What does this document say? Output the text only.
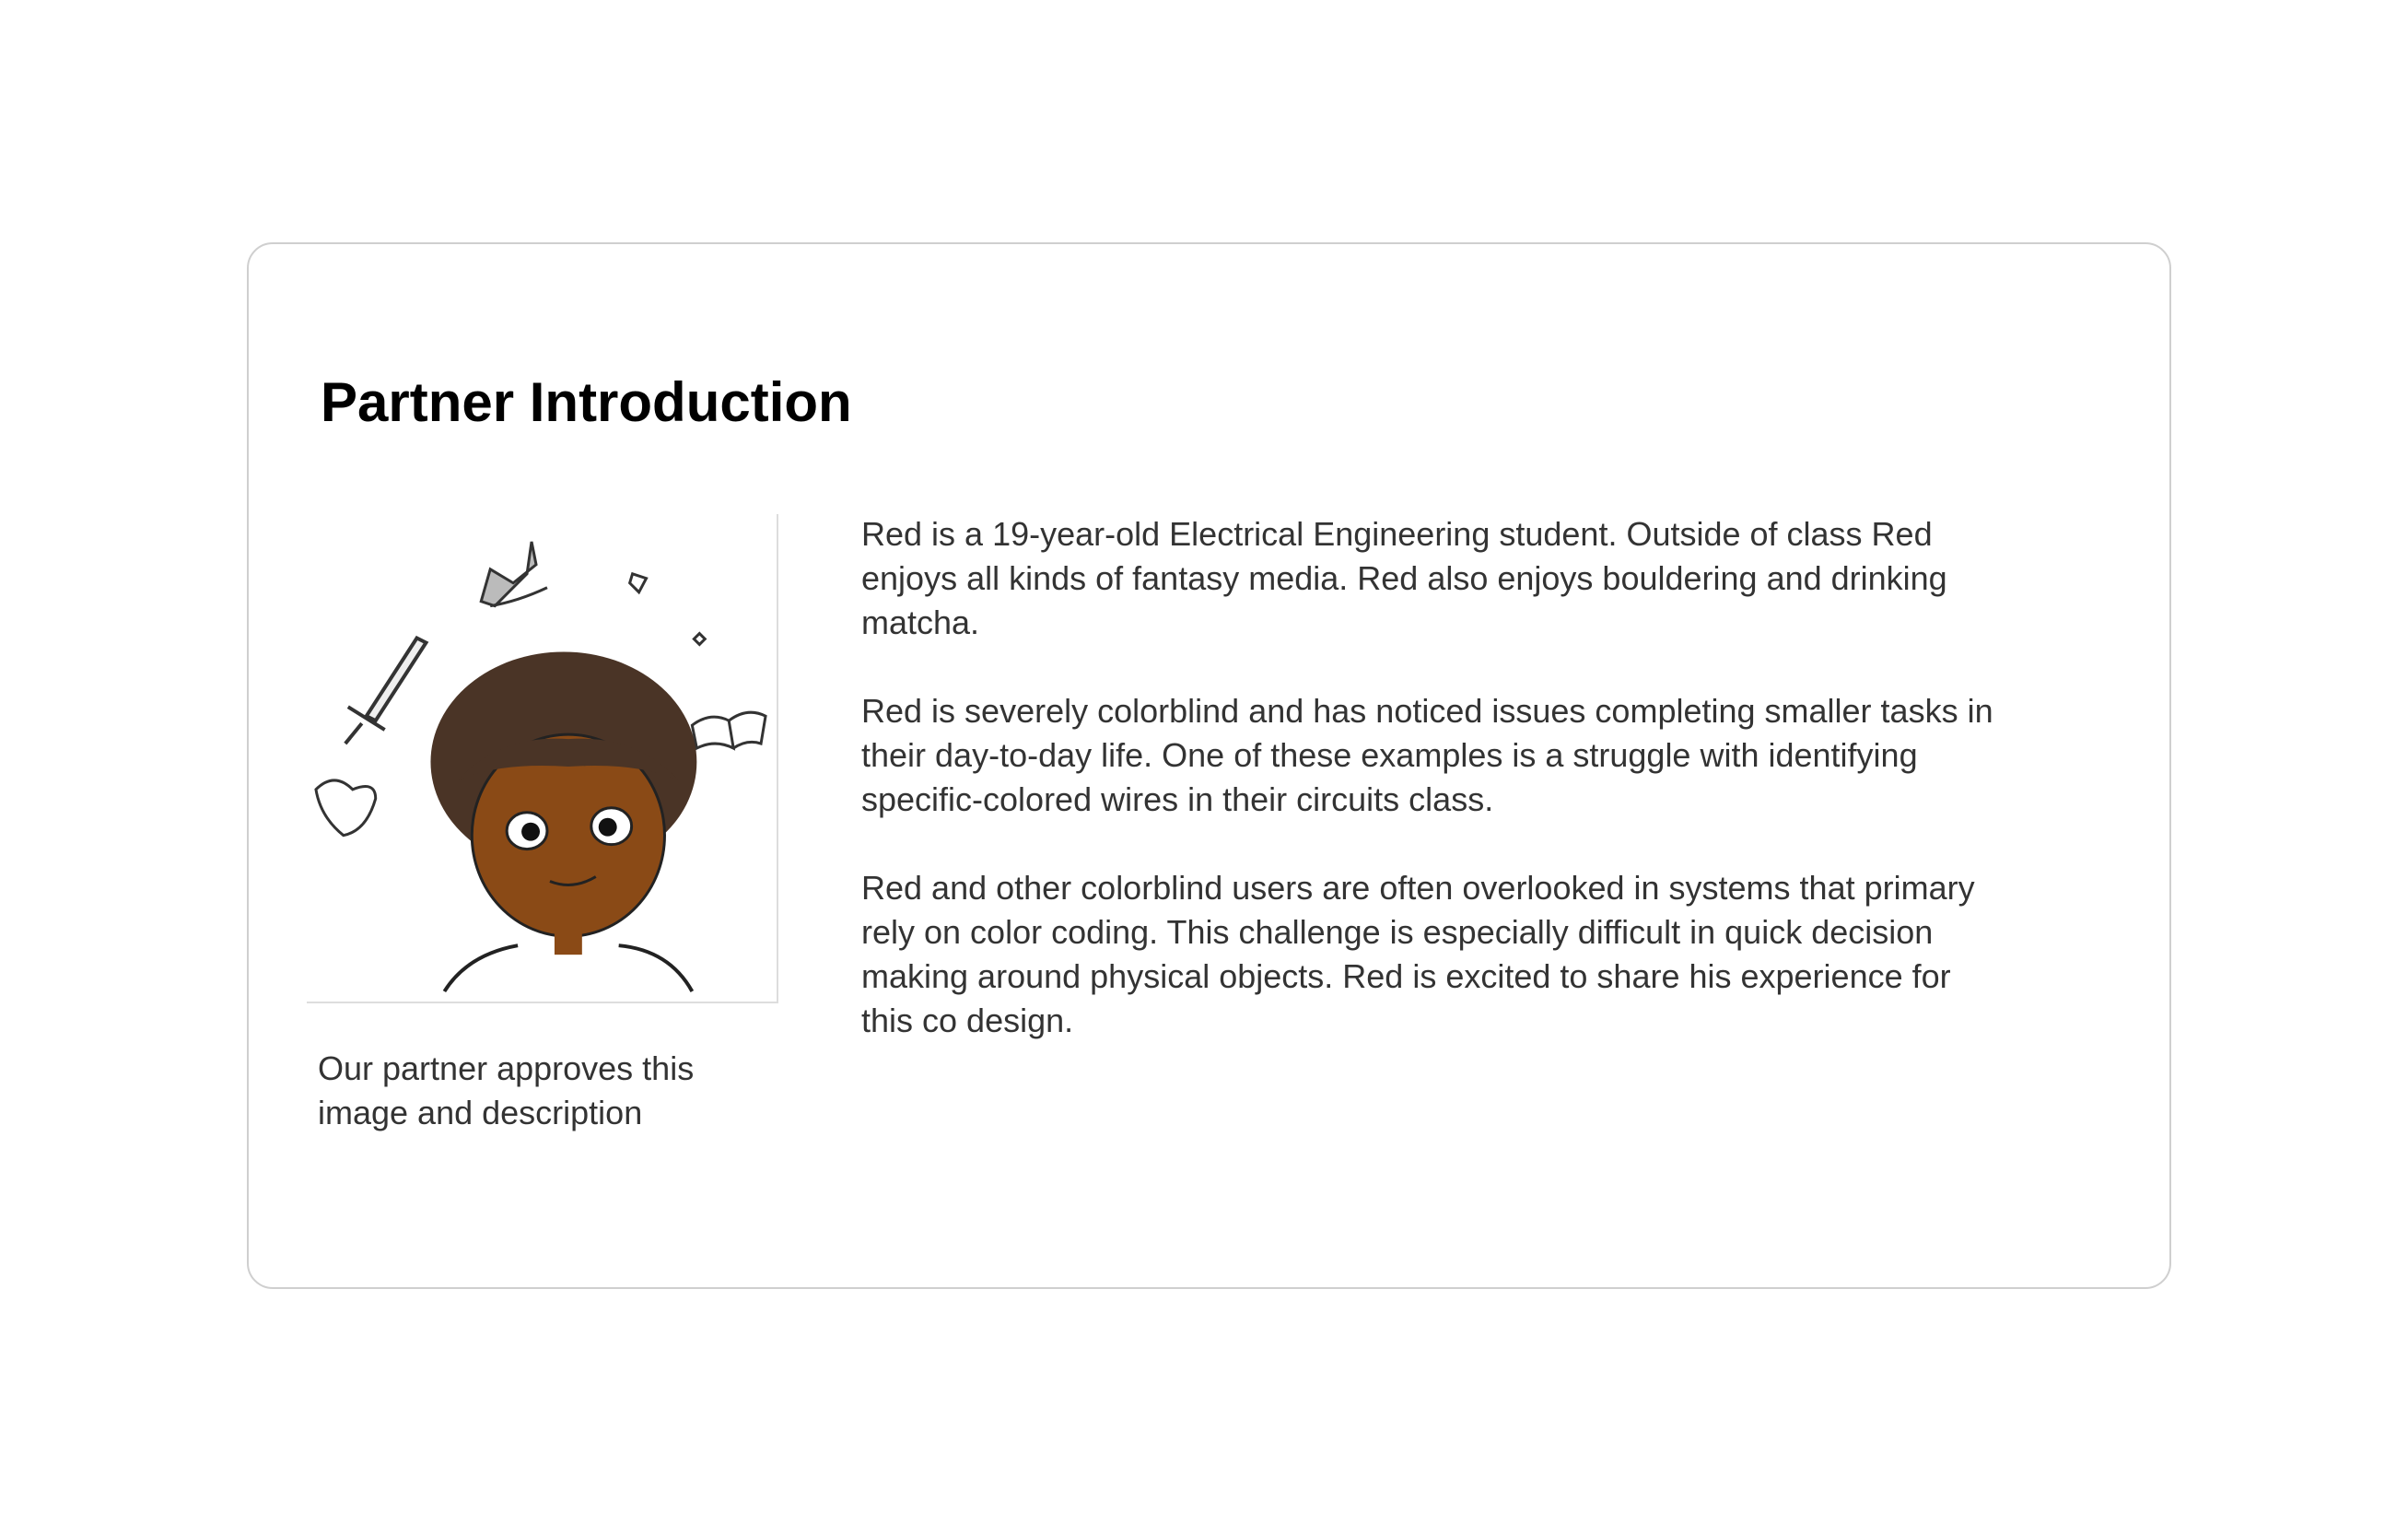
Partner Introduction
Our partner approves this
image and description

Red is a 19-year-old Electrical Engineering student. Outside of class Red
enjoys all kinds of fantasy media. Red also enjoys bouldering and drinking
matcha.

Red is severely colorblind and has noticed issues completing smaller tasks in
their day-to-day life. One of these examples is a struggle with identifying
specific-colored wires in their circuits class.

Red and other colorblind users are often overlooked in systems that primary
rely on color coding. This challenge is especially difficult in quick decision
making around physical objects. Red is excited to share his experience for
this co design.
